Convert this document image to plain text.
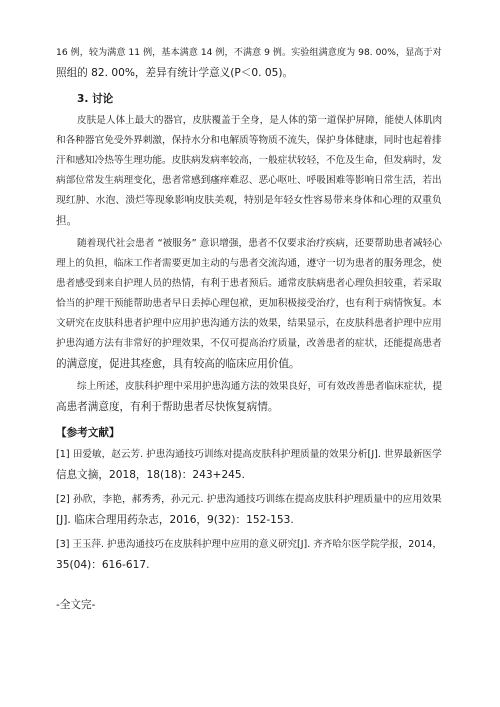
16 例，较为满意 11 例，基本满意 14 例，不满意 9 例。实验组满意度为 98. 00%，显高于对
照组的 82. 00%，差异有统计学意义(P＜0. 05)。
3. 讨论
皮肤是人体上最大的器官，皮肤覆盖于全身，是人体的第一道保护屏障，能使人体肌肉
和各种器官免受外界刺激，保持水分和电解质等物质不流失，保护身体健康，同时也起着排
汗和感知冷热等生理功能。皮肤病发病率较高，一般症状较轻，不危及生命，但发病时，发
病部位常发生病理变化，患者常感到瘙痒难忍、恶心呕吐、呼吸困难等影响日常生活，若出
现红肿、水泡、溃烂等现象影响皮肤美观，特别是年轻女性容易带来身体和心理的双重负
担。
随着现代社会患者 “被服务” 意识增强，患者不仅要求治疗疾病，还要帮助患者减轻心
理上的负担，临床工作者需要更加主动的与患者交流沟通，遵守一切为患者的服务理念，使
患者感受到来自护理人员的热情，有利于患者预后。通常皮肤病患者心理负担较重，若采取
恰当的护理干预能帮助患者早日丢掉心理包袱，更加积极接受治疗，也有利于病情恢复。本
文研究在皮肤科患者护理中应用护患沟通方法的效果，结果显示，在皮肤科患者护理中应用
护患沟通方法有非常好的护理效果，不仅可提高治疗质量，改善患者的症状，还能提高患者
的满意度，促进其痊愈，具有较高的临床应用价值。
综上所述，皮肤科护理中采用护患沟通方法的效果良好，可有效改善患者临床症状，提
高患者满意度，有利于帮助患者尽快恢复病情。
【参考文献】
[1] 田爱敏，赵云芳. 护患沟通技巧训练对提高皮肤科护理质量的效果分析[J]. 世界最新医学
信息文摘，2018，18(18)：243+245.
[2] 孙欣，李艳，郝秀秀，孙元元. 护患沟通技巧训练在提高皮肤科护理质量中的应用效果
[J]. 临床合理用药杂志，2016，9(32)：152-153.
[3] 王玉萍. 护患沟通技巧在皮肤科护理中应用的意义研究[J]. 齐齐哈尔医学院学报，2014，
35(04)：616-617.
-全文完-
